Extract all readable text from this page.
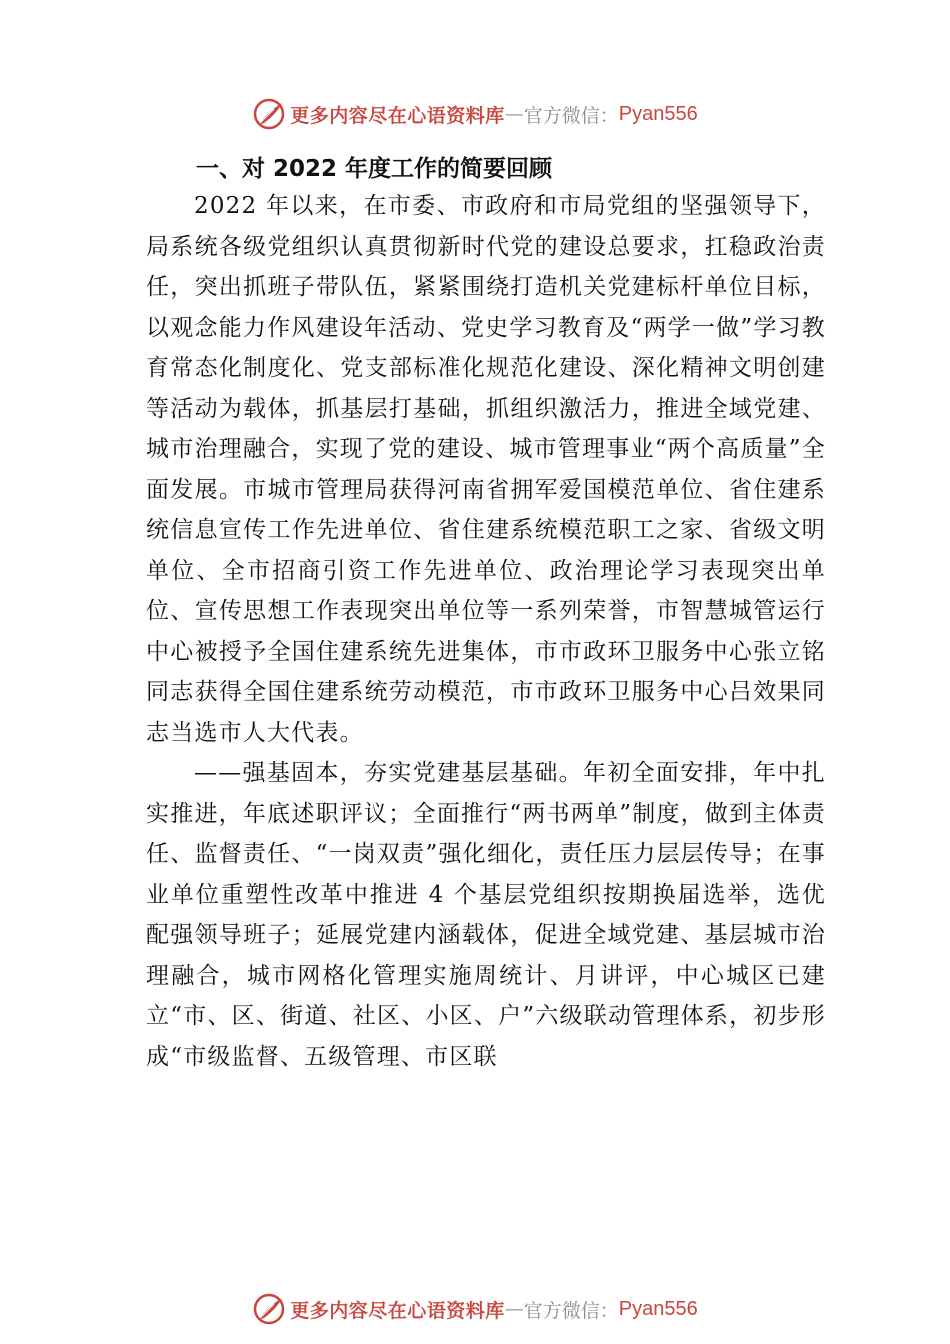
更多内容尽在心语资料库 — 官方微信： Pyan556
一、对 2022 年度工作的简要回顾

2022 年以来，在市委、市政府和市局党组的坚强领导下，局系统各级党组织认真贯彻新时代党的建设总要求，扛稳政治责任，突出抓班子带队伍，紧紧围绕打造机关党建标杆单位目标，以观念能力作风建设年活动、党史学习教育及“两学一做”学习教育常态化制度化、党支部标准化规范化建设、深化精神文明创建等活动为载体，抓基层打基础，抓组织激活力，推进全域党建、城市治理融合，实现了党的建设、城市管理事业“两个高质量”全面发展。市城市管理局获得河南省拥军爱国模范单位、省住建系统信息宣传工作先进单位、省住建系统模范职工之家、省级文明单位、全市招商引资工作先进单位、政治理论学习表现突出单位、宣传思想工作表现突出单位等一系列荣誉，市智慧城管运行中心被授予全国住建系统先进集体，市市政环卫服务中心张立铭同志获得全国住建系统劳动模范，市市政环卫服务中心吕效果同志当选市人大代表。

——强基固本，夯实党建基层基础。年初全面安排，年中扎实推进，年底述职评议；全面推行“两书两单”制度，做到主体责任、监督责任、“一岗双责”强化细化，责任压力层层传导；在事业单位重塑性改革中推进 4 个基层党组织按期换届选举，选优配强领导班子；延展党建内涵载体，促进全域党建、基层城市治理融合，城市网格化管理实施周统计、月讲评，中心城区已建立“市、区、街道、社区、小区、户”六级联动管理体系，初步形成“市级监督、五级管理、市区联

更多内容尽在心语资料库 — 官方微信： Pyan556
